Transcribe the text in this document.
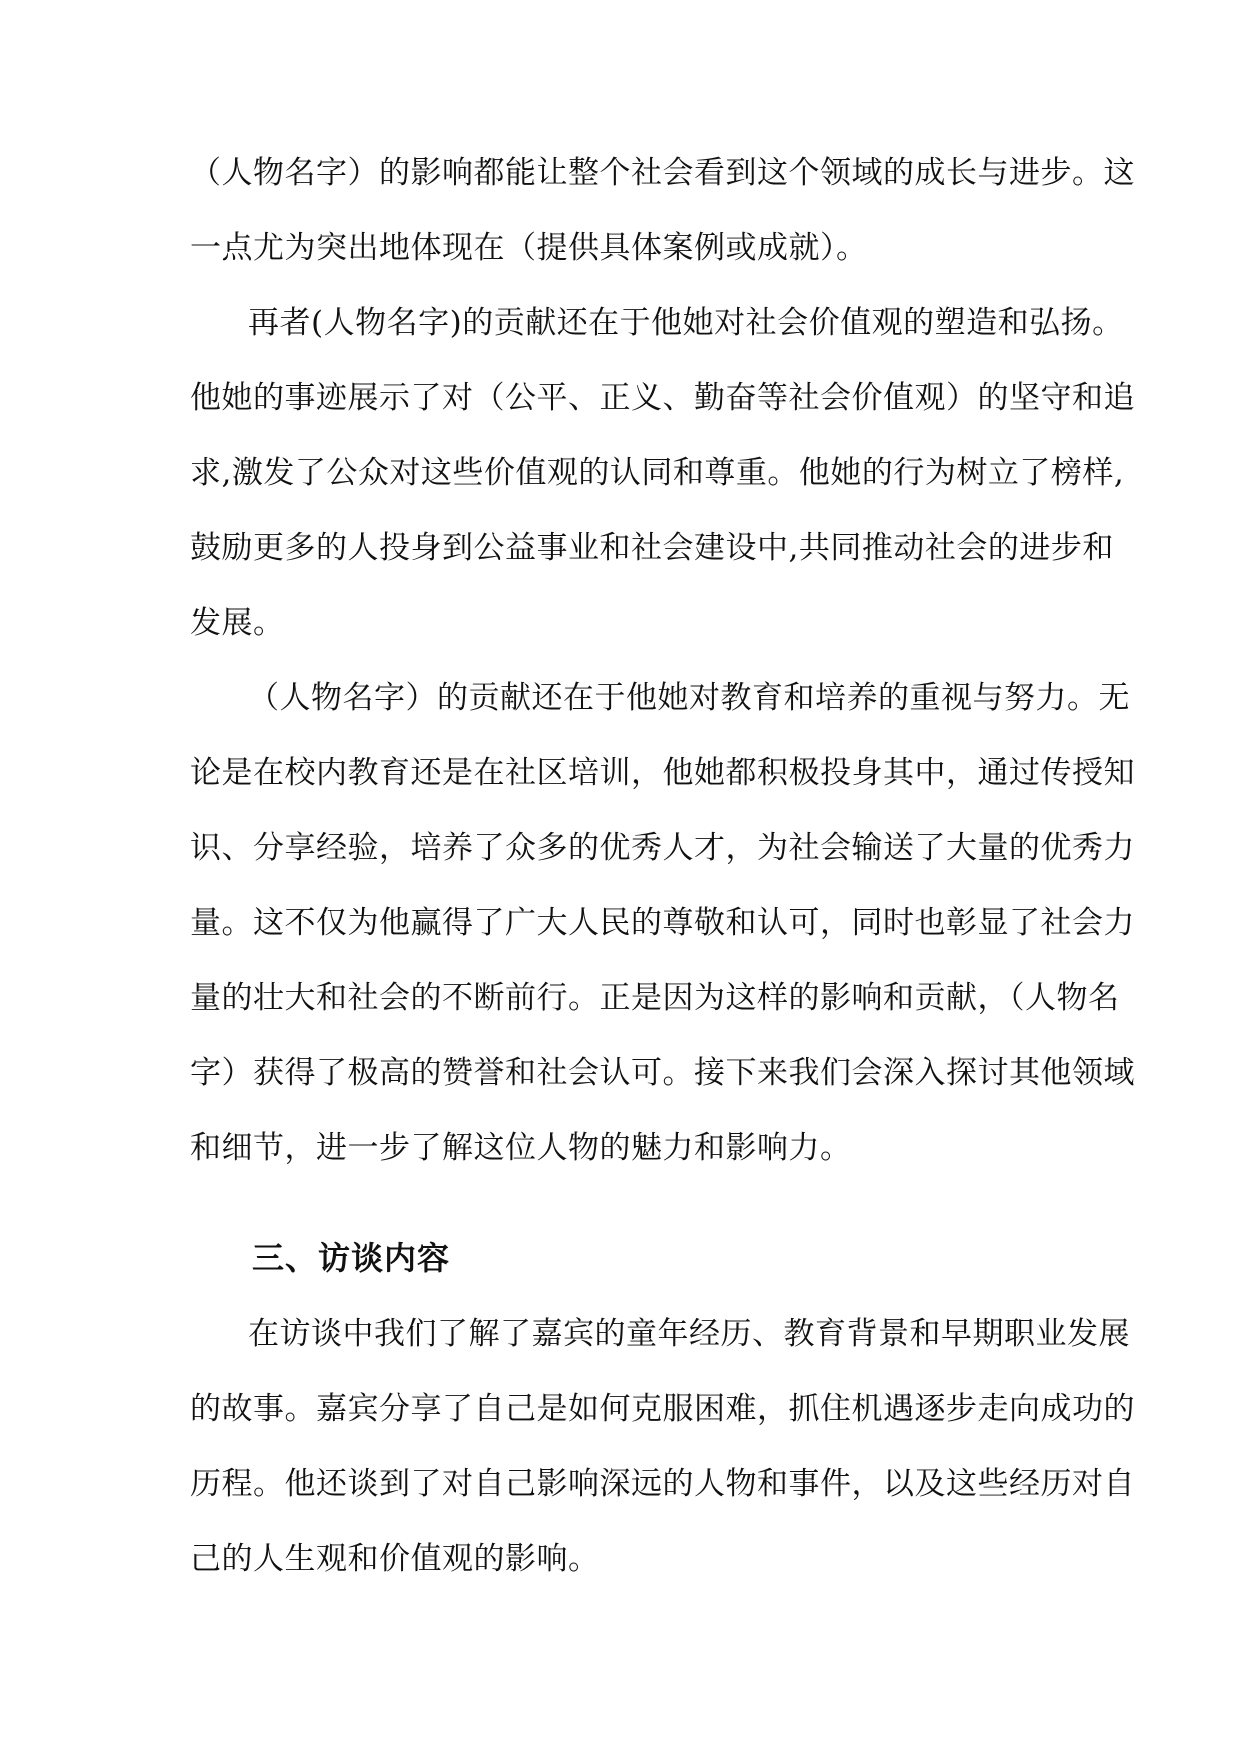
（人物名字）的影响都能让整个社会看到这个领域的成长与进步。这
一点尤为突出地体现在（提供具体案例或成就）。
再者(人物名字)的贡献还在于他她对社会价值观的塑造和弘扬。
他她的事迹展示了对（公平、正义、勤奋等社会价值观）的坚守和追
求,激发了公众对这些价值观的认同和尊重。他她的行为树立了榜样,
鼓励更多的人投身到公益事业和社会建设中,共同推动社会的进步和
发展。
（人物名字）的贡献还在于他她对教育和培养的重视与努力。无
论是在校内教育还是在社区培训，他她都积极投身其中，通过传授知
识、分享经验，培养了众多的优秀人才，为社会输送了大量的优秀力
量。这不仅为他赢得了广大人民的尊敬和认可，同时也彰显了社会力
量的壮大和社会的不断前行。正是因为这样的影响和贡献，（人物名
字）获得了极高的赞誉和社会认可。接下来我们会深入探讨其他领域
和细节，进一步了解这位人物的魅力和影响力。
三、访谈内容
在访谈中我们了解了嘉宾的童年经历、教育背景和早期职业发展
的故事。嘉宾分享了自己是如何克服困难，抓住机遇逐步走向成功的
历程。他还谈到了对自己影响深远的人物和事件，以及这些经历对自
己的人生观和价值观的影响。
